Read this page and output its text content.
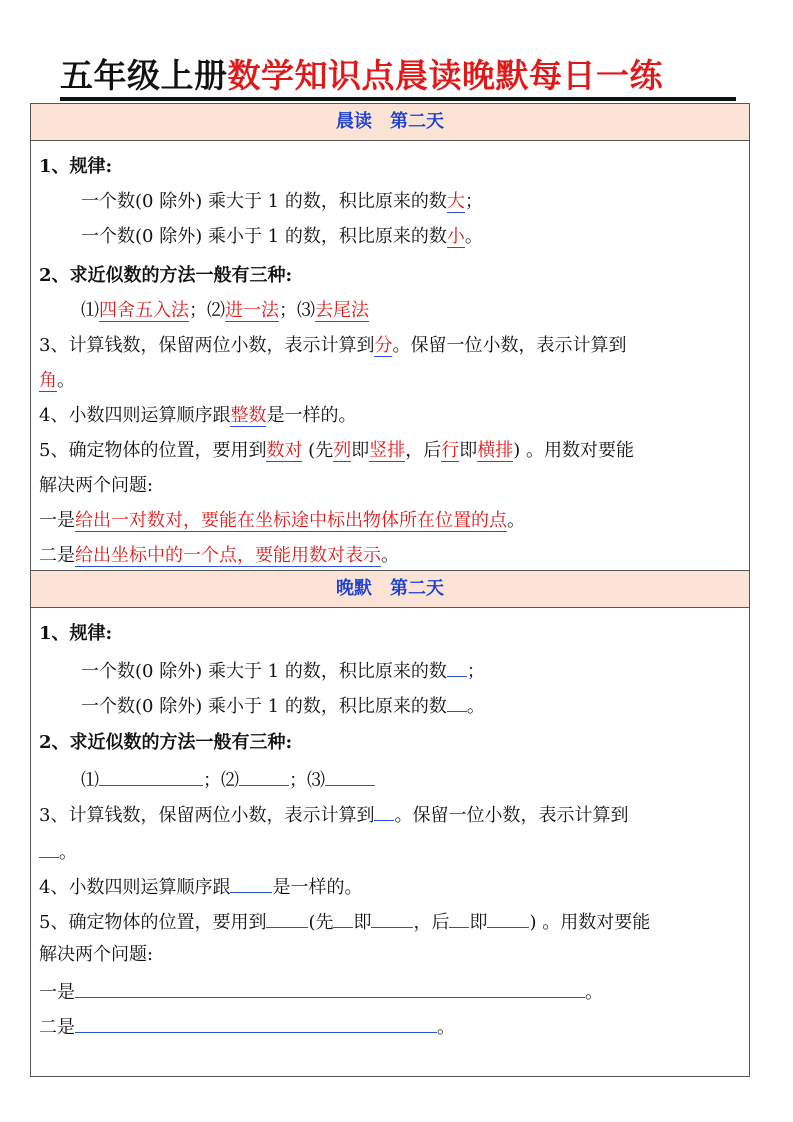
五年级上册数学知识点晨读晚默每日一练
晨读 第二天
1、规律:
一个数(0 除外) 乘大于 1 的数，积比原来的数大；
一个数(0 除外) 乘小于 1 的数，积比原来的数小。
2、求近似数的方法一般有三种:
⑴四舍五入法；⑵进一法；⑶去尾法
3、计算钱数，保留两位小数，表示计算到分。保留一位小数，表示计算到
角。
4、小数四则运算顺序跟整数是一样的。
5、确定物体的位置，要用到数对 (先列即竖排，后行即横排) 。用数对要能
解决两个问题:
一是给出一对数对，要能在坐标途中标出物体所在位置的点。
二是给出坐标中的一个点，要能用数对表示。
晚默 第二天
1、规律:
一个数(0 除外) 乘大于 1 的数，积比原来的数 ；
一个数(0 除外) 乘小于 1 的数，积比原来的数 。
2、求近似数的方法一般有三种:
⑴	；⑵	；⑶
3、计算钱数，保留两位小数，表示计算到 。保留一位小数，表示计算到
。
4、小数四则运算顺序跟 是一样的。
5、确定物体的位置，要用到 (先 即 ，后 即 ) 。用数对要能
解决两个问题:
一是	。
二是	。
